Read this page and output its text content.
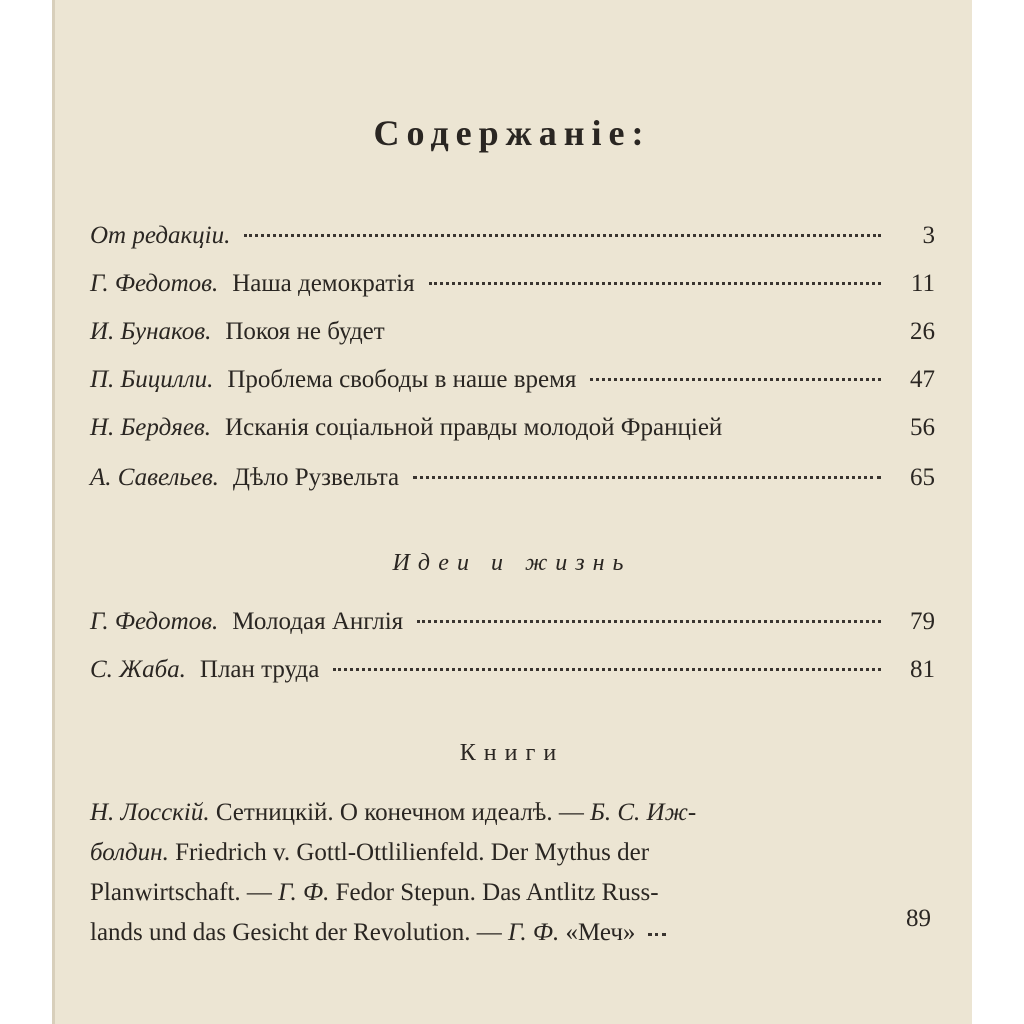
Содержаніе:
От редакціи.	3
Г. Федотов. Наша демократія	11
И. Бунаков. Покоя не будет	26
П. Бицилли. Проблема свободы в наше время	47
Н. Бердяев. Исканія соціальной правды молодой Франціей	56
А. Савельев. Дѣло Рузвельта	65
Идеи и жизнь
Г. Федотов. Молодая Англія	79
С. Жаба. План труда	81
Книги
Н. Лосскій. Сетницкій. О конечном идеалѣ. — Б. С. Иж-
болдин. Friedrich v. Gottl-Ottlilienfeld. Der Mythus der
Planwirtschaft. — Г. Ф. Fedor Stepun. Das Antlitz Russ-
lands und das Gesicht der Revolution. — Г. Ф. «Меч»
89
